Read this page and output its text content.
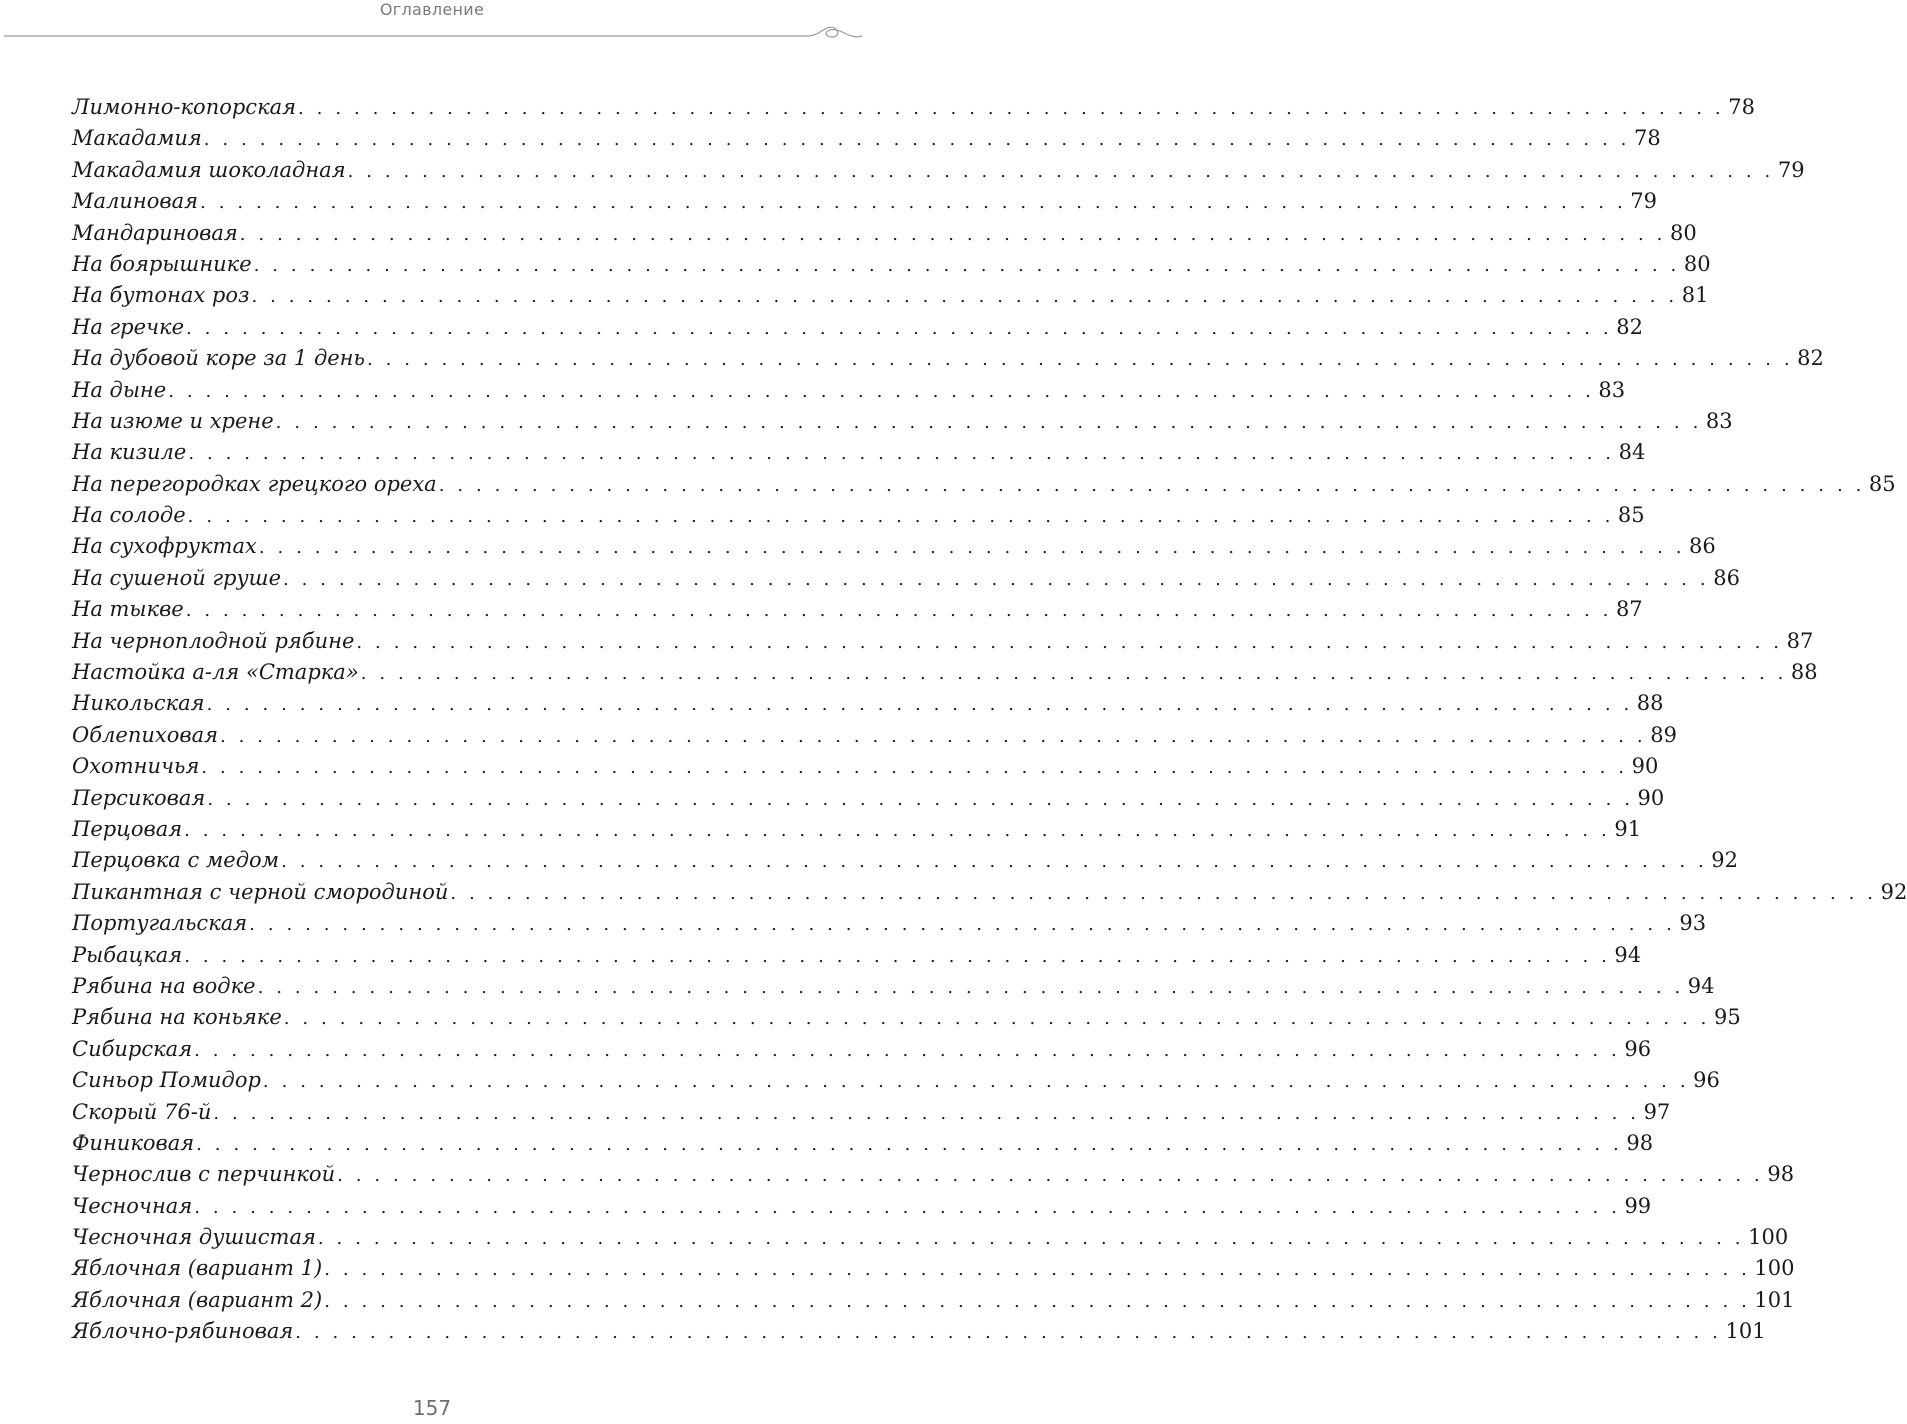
Оглавление
Лимонно-копорская . . . . . . . . . . . . . . . . . . . . . . . . . . . . . . . . . . . . . . . . . . . . . . . . . . . . . . . . . . . . . . . . . . . . . . . . . . . . . 78
Макадамия . . . . . . . . . . . . . . . . . . . . . . . . . . . . . . . . . . . . . . . . . . . . . . . . . . . . . . . . . . . . . . . . . . . . . . . . . . . . . 78
Макадамия шоколадная . . . . . . . . . . . . . . . . . . . . . . . . . . . . . . . . . . . . . . . . . . . . . . . . . . . . . . . . . . . . . . . . . . . . . . . . . . . . . 79
Малиновая . . . . . . . . . . . . . . . . . . . . . . . . . . . . . . . . . . . . . . . . . . . . . . . . . . . . . . . . . . . . . . . . . . . . . . . . . . . . . 79
Мандариновая . . . . . . . . . . . . . . . . . . . . . . . . . . . . . . . . . . . . . . . . . . . . . . . . . . . . . . . . . . . . . . . . . . . . . . . . . . . . . 80
На боярышнике . . . . . . . . . . . . . . . . . . . . . . . . . . . . . . . . . . . . . . . . . . . . . . . . . . . . . . . . . . . . . . . . . . . . . . . . . . . . . 80
На бутонах роз . . . . . . . . . . . . . . . . . . . . . . . . . . . . . . . . . . . . . . . . . . . . . . . . . . . . . . . . . . . . . . . . . . . . . . . . . . . . . 81
На гречке . . . . . . . . . . . . . . . . . . . . . . . . . . . . . . . . . . . . . . . . . . . . . . . . . . . . . . . . . . . . . . . . . . . . . . . . . . . . . 82
На дубовой коре за 1 день . . . . . . . . . . . . . . . . . . . . . . . . . . . . . . . . . . . . . . . . . . . . . . . . . . . . . . . . . . . . . . . . . . . . . . . . . . . . . 82
На дыне . . . . . . . . . . . . . . . . . . . . . . . . . . . . . . . . . . . . . . . . . . . . . . . . . . . . . . . . . . . . . . . . . . . . . . . . . . . . . 83
На изюме и хрене . . . . . . . . . . . . . . . . . . . . . . . . . . . . . . . . . . . . . . . . . . . . . . . . . . . . . . . . . . . . . . . . . . . . . . . . . . . . . 83
На кизиле . . . . . . . . . . . . . . . . . . . . . . . . . . . . . . . . . . . . . . . . . . . . . . . . . . . . . . . . . . . . . . . . . . . . . . . . . . . . . 84
На перегородках грецкого ореха . . . . . . . . . . . . . . . . . . . . . . . . . . . . . . . . . . . . . . . . . . . . . . . . . . . . . . . . . . . . . . . . . . . . . . . . . . . . . 85
На солоде . . . . . . . . . . . . . . . . . . . . . . . . . . . . . . . . . . . . . . . . . . . . . . . . . . . . . . . . . . . . . . . . . . . . . . . . . . . . . 85
На сухофруктах . . . . . . . . . . . . . . . . . . . . . . . . . . . . . . . . . . . . . . . . . . . . . . . . . . . . . . . . . . . . . . . . . . . . . . . . . . . . . 86
На сушеной груше . . . . . . . . . . . . . . . . . . . . . . . . . . . . . . . . . . . . . . . . . . . . . . . . . . . . . . . . . . . . . . . . . . . . . . . . . . . . . 86
На тыкве . . . . . . . . . . . . . . . . . . . . . . . . . . . . . . . . . . . . . . . . . . . . . . . . . . . . . . . . . . . . . . . . . . . . . . . . . . . . . 87
На черноплодной рябине . . . . . . . . . . . . . . . . . . . . . . . . . . . . . . . . . . . . . . . . . . . . . . . . . . . . . . . . . . . . . . . . . . . . . . . . . . . . . 87
Настойка а-ля «Старка» . . . . . . . . . . . . . . . . . . . . . . . . . . . . . . . . . . . . . . . . . . . . . . . . . . . . . . . . . . . . . . . . . . . . . . . . . . . . . 88
Никольская . . . . . . . . . . . . . . . . . . . . . . . . . . . . . . . . . . . . . . . . . . . . . . . . . . . . . . . . . . . . . . . . . . . . . . . . . . . . . 88
Облепиховая . . . . . . . . . . . . . . . . . . . . . . . . . . . . . . . . . . . . . . . . . . . . . . . . . . . . . . . . . . . . . . . . . . . . . . . . . . . . . 89
Охотничья . . . . . . . . . . . . . . . . . . . . . . . . . . . . . . . . . . . . . . . . . . . . . . . . . . . . . . . . . . . . . . . . . . . . . . . . . . . . . 90
Персиковая . . . . . . . . . . . . . . . . . . . . . . . . . . . . . . . . . . . . . . . . . . . . . . . . . . . . . . . . . . . . . . . . . . . . . . . . . . . . . 90
Перцовая . . . . . . . . . . . . . . . . . . . . . . . . . . . . . . . . . . . . . . . . . . . . . . . . . . . . . . . . . . . . . . . . . . . . . . . . . . . . . 91
Перцовка с медом . . . . . . . . . . . . . . . . . . . . . . . . . . . . . . . . . . . . . . . . . . . . . . . . . . . . . . . . . . . . . . . . . . . . . . . . . . . . . 92
Пикантная с черной смородиной . . . . . . . . . . . . . . . . . . . . . . . . . . . . . . . . . . . . . . . . . . . . . . . . . . . . . . . . . . . . . . . . . . . . . . . . . . . . . 92
Португальская . . . . . . . . . . . . . . . . . . . . . . . . . . . . . . . . . . . . . . . . . . . . . . . . . . . . . . . . . . . . . . . . . . . . . . . . . . . . . 93
Рыбацкая . . . . . . . . . . . . . . . . . . . . . . . . . . . . . . . . . . . . . . . . . . . . . . . . . . . . . . . . . . . . . . . . . . . . . . . . . . . . . 94
Рябина на водке . . . . . . . . . . . . . . . . . . . . . . . . . . . . . . . . . . . . . . . . . . . . . . . . . . . . . . . . . . . . . . . . . . . . . . . . . . . . . 94
Рябина на коньяке . . . . . . . . . . . . . . . . . . . . . . . . . . . . . . . . . . . . . . . . . . . . . . . . . . . . . . . . . . . . . . . . . . . . . . . . . . . . . 95
Сибирская . . . . . . . . . . . . . . . . . . . . . . . . . . . . . . . . . . . . . . . . . . . . . . . . . . . . . . . . . . . . . . . . . . . . . . . . . . . . . 96
Синьор Помидор . . . . . . . . . . . . . . . . . . . . . . . . . . . . . . . . . . . . . . . . . . . . . . . . . . . . . . . . . . . . . . . . . . . . . . . . . . . . . 96
Скорый 76-й . . . . . . . . . . . . . . . . . . . . . . . . . . . . . . . . . . . . . . . . . . . . . . . . . . . . . . . . . . . . . . . . . . . . . . . . . . . . . 97
Финиковая . . . . . . . . . . . . . . . . . . . . . . . . . . . . . . . . . . . . . . . . . . . . . . . . . . . . . . . . . . . . . . . . . . . . . . . . . . . . . 98
Чернослив с перчинкой . . . . . . . . . . . . . . . . . . . . . . . . . . . . . . . . . . . . . . . . . . . . . . . . . . . . . . . . . . . . . . . . . . . . . . . . . . . . . 98
Чесночная . . . . . . . . . . . . . . . . . . . . . . . . . . . . . . . . . . . . . . . . . . . . . . . . . . . . . . . . . . . . . . . . . . . . . . . . . . . . . 99
Чесночная душистая . . . . . . . . . . . . . . . . . . . . . . . . . . . . . . . . . . . . . . . . . . . . . . . . . . . . . . . . . . . . . . . . . . . . . . . . . . . . . 100
Яблочная (вариант 1) . . . . . . . . . . . . . . . . . . . . . . . . . . . . . . . . . . . . . . . . . . . . . . . . . . . . . . . . . . . . . . . . . . . . . . . . . . . . . 100
Яблочная (вариант 2) . . . . . . . . . . . . . . . . . . . . . . . . . . . . . . . . . . . . . . . . . . . . . . . . . . . . . . . . . . . . . . . . . . . . . . . . . . . . . 101
Яблочно-рябиновая . . . . . . . . . . . . . . . . . . . . . . . . . . . . . . . . . . . . . . . . . . . . . . . . . . . . . . . . . . . . . . . . . . . . . . . . . . . . . 101
157
